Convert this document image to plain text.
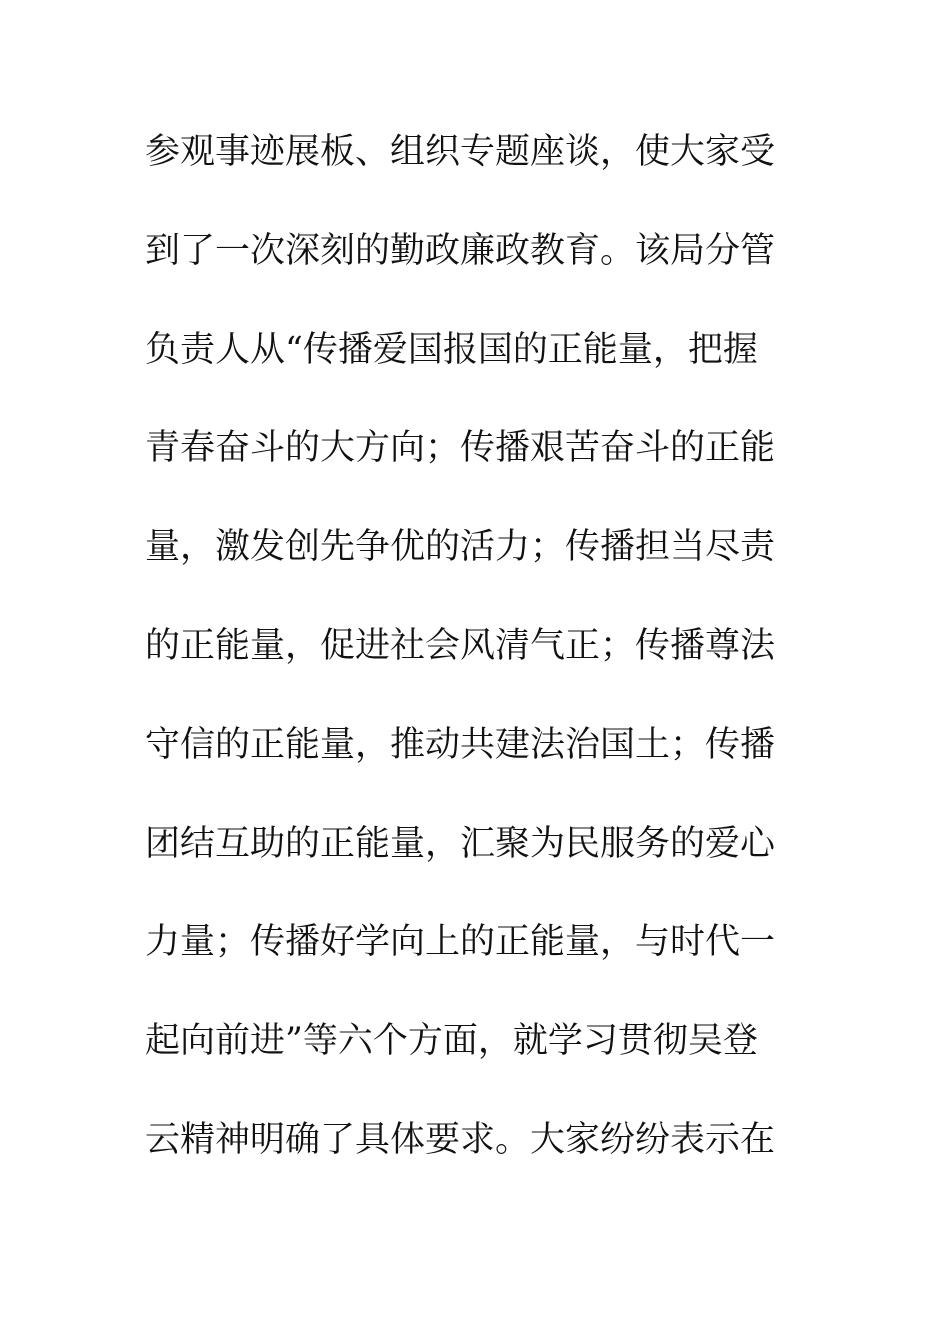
参观事迹展板、组织专题座谈，使大家受
到了一次深刻的勤政廉政教育。该局分管
负责人从“传播爱国报国的正能量，把握
青春奋斗的大方向；传播艰苦奋斗的正能
量，激发创先争优的活力；传播担当尽责
的正能量，促进社会风清气正；传播尊法
守信的正能量，推动共建法治国土；传播
团结互助的正能量，汇聚为民服务的爱心
力量；传播好学向上的正能量，与时代一
起向前进”等六个方面，就学习贯彻吴登
云精神明确了具体要求。大家纷纷表示在
